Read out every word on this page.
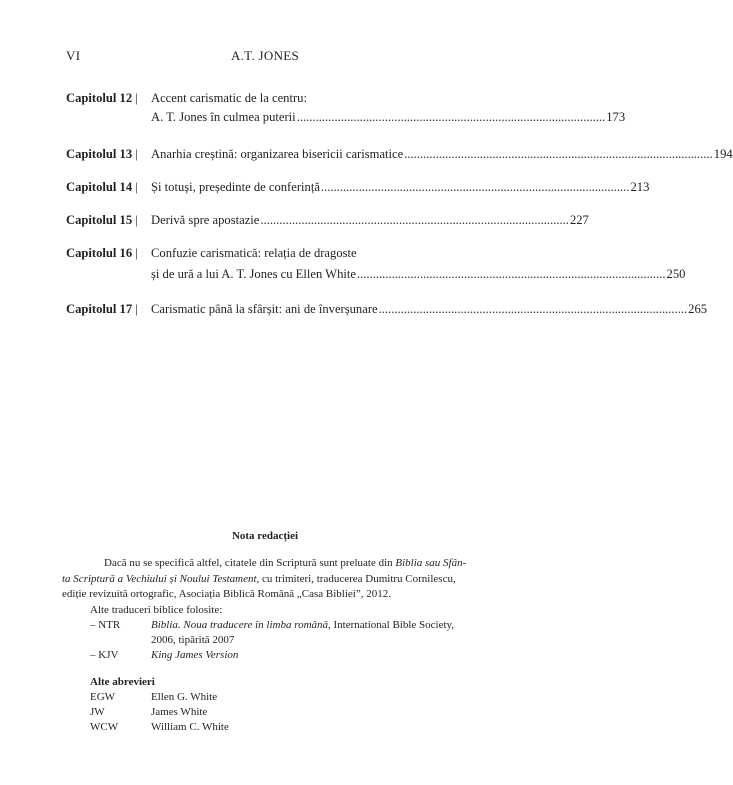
VI	A.T. JONES
Capitolul 12 | Accent carismatic de la centru:
A. T. Jones în culmea puterii .................................................................................................. 173
Capitolul 13 | Anarhia creștină: organizarea bisericii carismatice .................................................................................................. 194
Capitolul 14 | Și totuși, președinte de conferință .................................................................................................. 213
Capitolul 15 | Derivă spre apostazie .................................................................................................. 227
Capitolul 16 | Confuzie carismatică: relația de dragoste
și de ură a lui A. T. Jones cu Ellen White .................................................................................................. 250
Capitolul 17 | Carismatic până la sfârșit: ani de înverșunare .................................................................................................. 265
Nota redacției
Dacă nu se specifică altfel, citatele din Scriptură sunt preluate din Biblia sau Sfân-
ta Scriptură a Vechiului și Noului Testament, cu trimiteri, traducerea Dumitru Cornilescu,
ediție revizuită ortografic, Asociația Biblică Română „Casa Bibliei”, 2012.
Alte traduceri biblice folosite:
– NTR	Biblia. Noua traducere în limba română, International Bible Society,
2006, tipărită 2007
– KJV	King James Version
Alte abrevieri
EGW	Ellen G. White
JW	James White
WCW	William C. White
